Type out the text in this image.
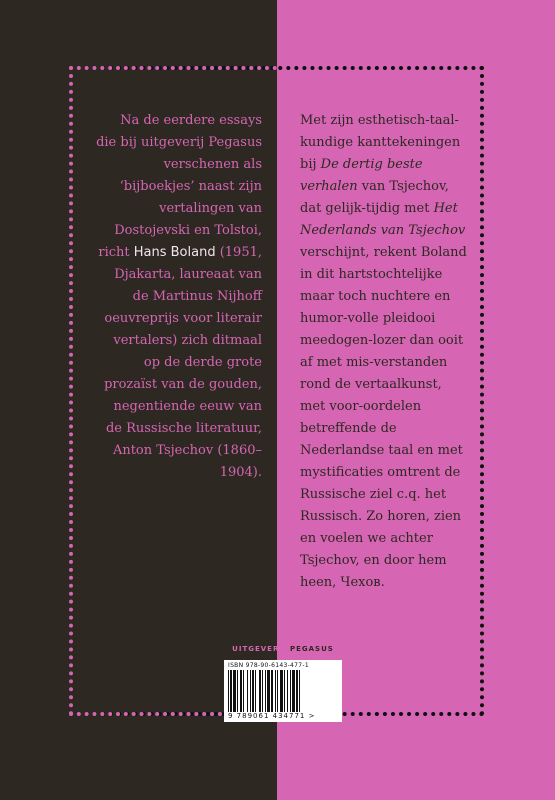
Na de eerdere essays die bij uitgeverij Pegasus verschenen als ‘bijboekjes’ naast zijn vertalingen van Dostojevski en Tolstoi, richt Hans Boland (1951, Djakarta, laureaat van de Martinus Nijhoff oeuvreprijs voor literair vertalers) zich ditmaal op de derde grote prozaïst van de gouden, negentiende eeuw van de Russische literatuur, Anton Tsjechov (1860–1904).
Met zijn esthetisch-taal-kundige kanttekeningen bij De dertig beste verhalen van Tsjechov, dat gelijk-tijdig met Het Nederlands van Tsjechov verschijnt, rekent Boland in dit hartstochtelijke maar toch nuchtere en humor-volle pleidooi meedogen-lozer dan ooit af met mis-verstanden rond de vertaalkunst, met voor-oordelen betreffende de Nederlandse taal en met mystificaties omtrent de Russische ziel c.q. het Russisch. Zo horen, zien en voelen we achter Tsjechov, en door hem heen, Чехов.
UITGEVERIJ PEGASUS
ISBN 978-90-6143-477-1
9 789061 434771 >
